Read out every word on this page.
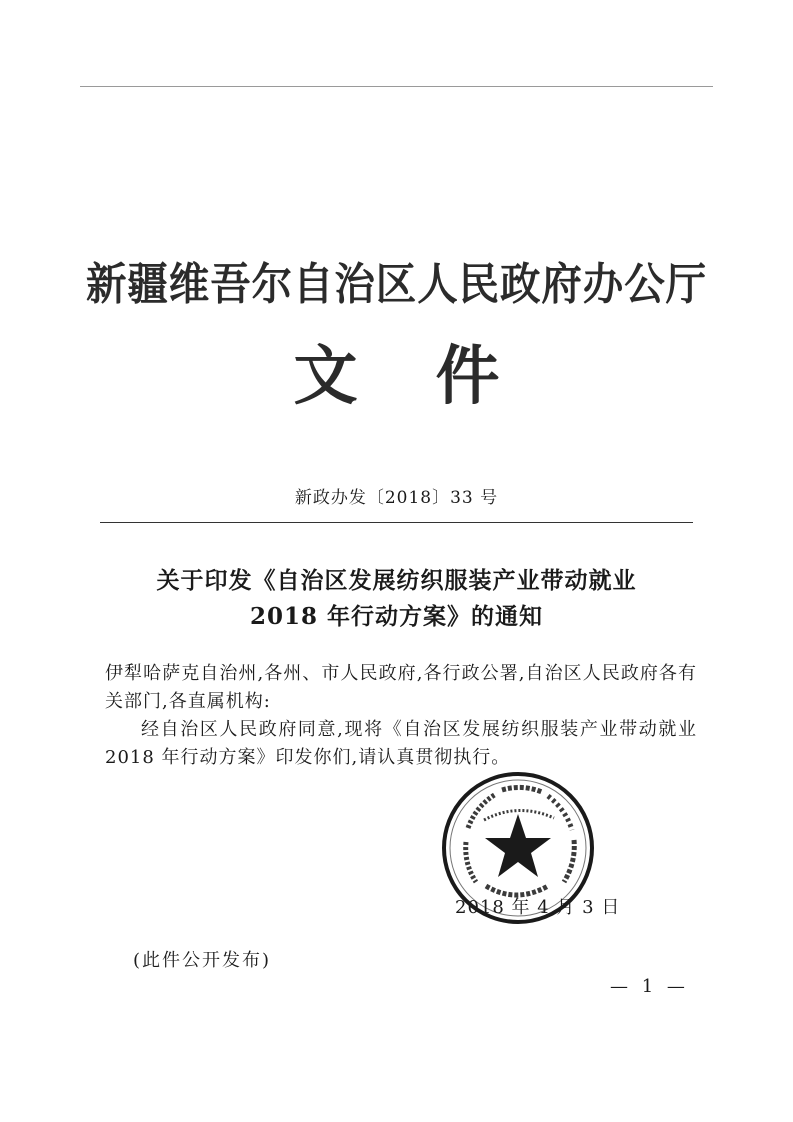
新疆维吾尔自治区人民政府办公厅
文件
新政办发〔2018〕33 号
关于印发《自治区发展纺织服装产业带动就业
2018 年行动方案》的通知

伊犁哈萨克自治州,各州、市人民政府,各行政公署,自治区人民政府各有关部门,各直属机构:

经自治区人民政府同意,现将《自治区发展纺织服装产业带动就业 2018 年行动方案》印发你们,请认真贯彻执行。

2018 年 4 月 3 日
(此件公开发布)
— 1 —
